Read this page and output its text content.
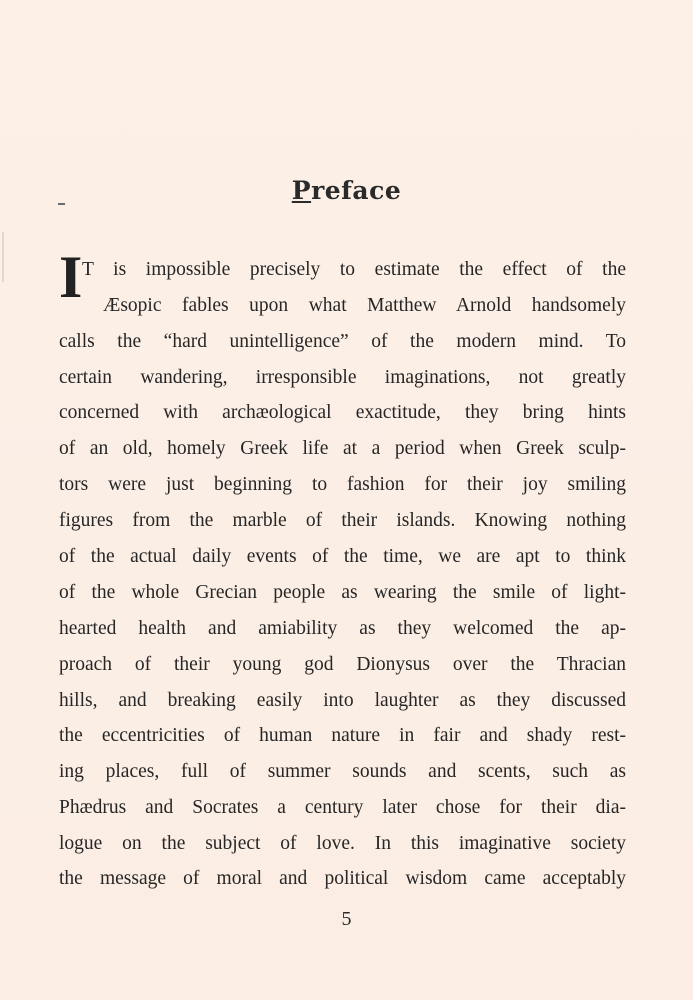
Preface
I T is impossible precisely to estimate the effect of the
Æsopic fables upon what Matthew Arnold handsomely
calls the “hard unintelligence” of the modern mind. To
certain wandering, irresponsible imaginations, not greatly
concerned with archæological exactitude, they bring hints
of an old, homely Greek life at a period when Greek sculp-
tors were just beginning to fashion for their joy smiling
figures from the marble of their islands. Knowing nothing
of the actual daily events of the time, we are apt to think
of the whole Grecian people as wearing the smile of light-
hearted health and amiability as they welcomed the ap-
proach of their young god Dionysus over the Thracian
hills, and breaking easily into laughter as they discussed
the eccentricities of human nature in fair and shady rest-
ing places, full of summer sounds and scents, such as
Phædrus and Socrates a century later chose for their dia-
logue on the subject of love. In this imaginative society
the message of moral and political wisdom came acceptably
5
